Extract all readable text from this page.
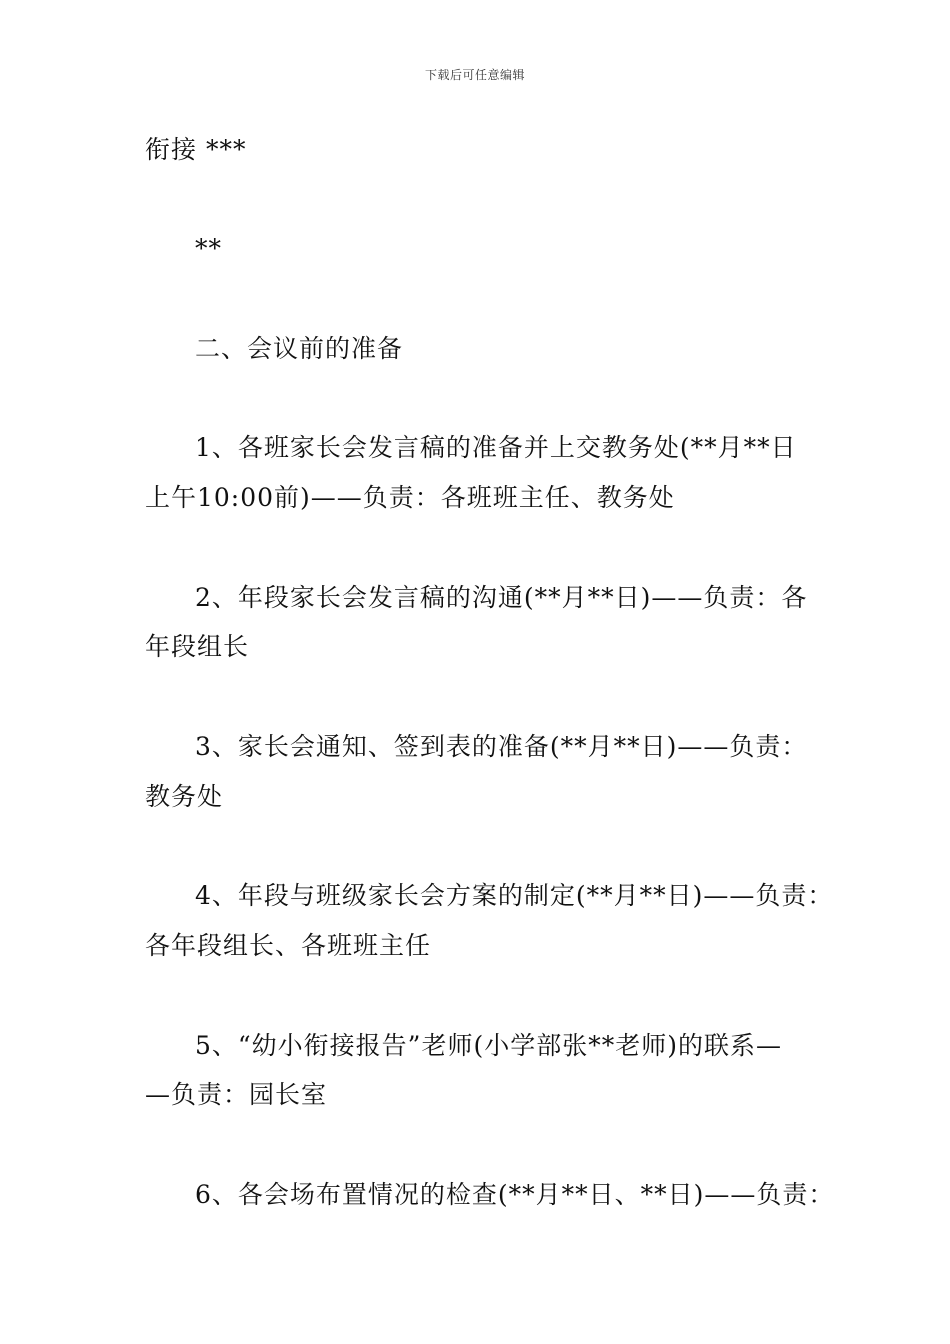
下载后可任意编辑
衔接 ***
**
二、会议前的准备
1、各班家长会发言稿的准备并上交教务处(**月**日
上午10:00前)——负责：各班班主任、教务处
2、年段家长会发言稿的沟通(**月**日)——负责：各
年段组长
3、家长会通知、签到表的准备(**月**日)——负责：
教务处
4、年段与班级家长会方案的制定(**月**日)——负责：
各年段组长、各班班主任
5、“幼小衔接报告”老师(小学部张**老师)的联系—
—负责：园长室
6、各会场布置情况的检查(**月**日、**日)——负责：
